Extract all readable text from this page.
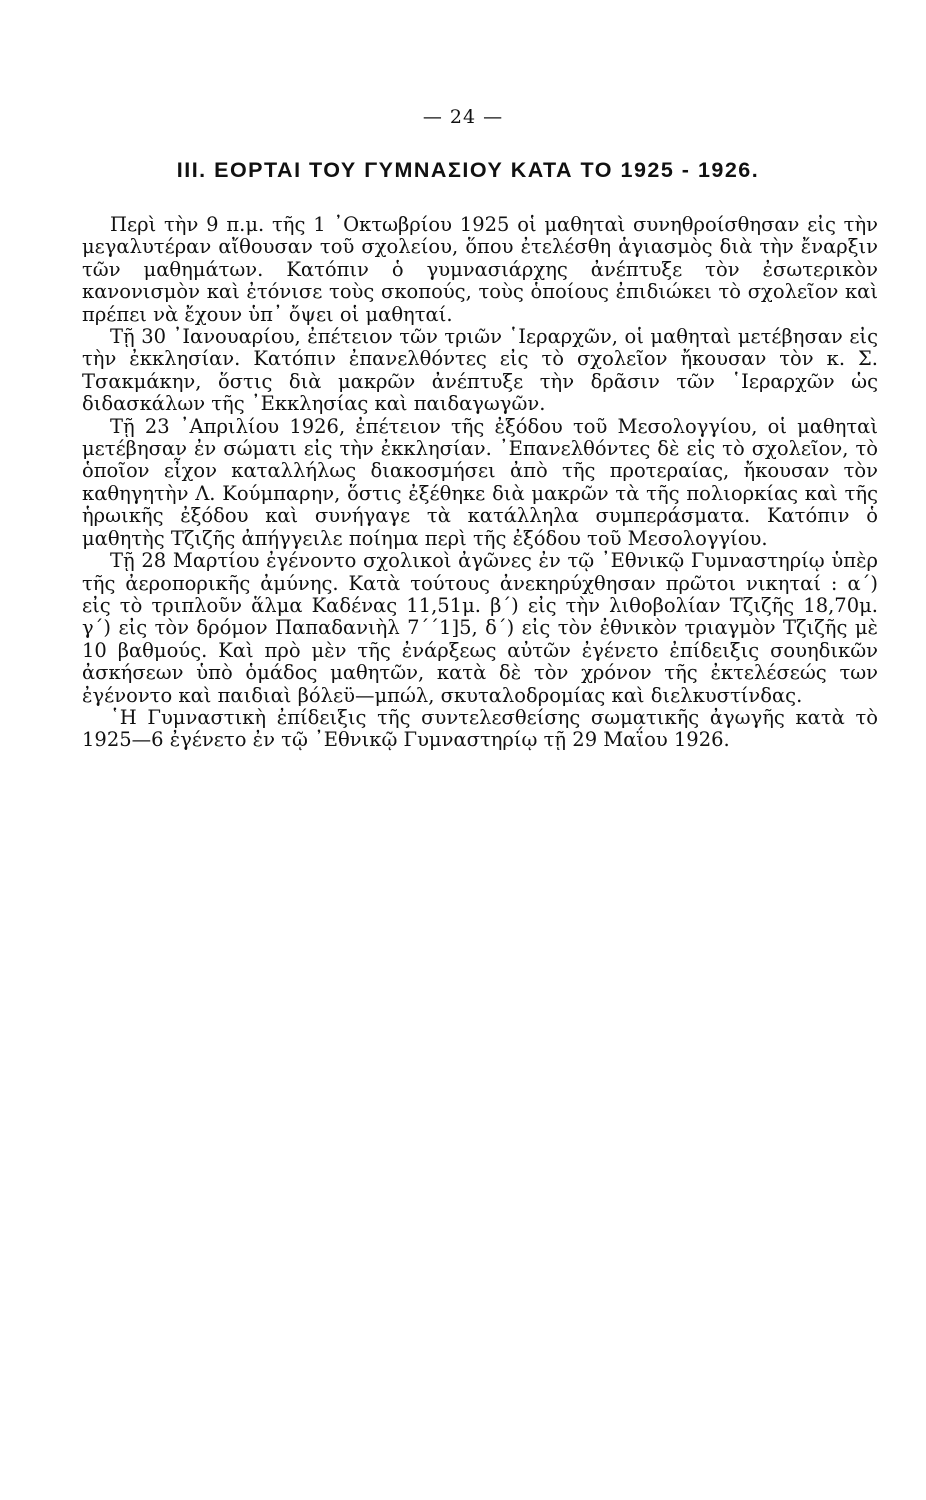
— 24 —
III. ΕΟΡΤΑΙ ΤΟΥ ΓΥΜΝΑΣΙΟΥ ΚΑΤΑ ΤΟ 1925 - 1926.

Περὶ τὴν 9 π.μ. τῆς 1 ᾿Οκτωβρίου 1925 οἱ μαθηταὶ συνηθροίσθησαν εἰς τὴν μεγαλυτέραν αἴθουσαν τοῦ σχολείου, ὅπου ἐτελέσθη ἁγιασμὸς διὰ τὴν ἔναρξιν τῶν μαθημάτων. Κατόπιν ὁ γυμνασιάρχης ἀνέπτυξε τὸν ἐσωτερικὸν κανονισμὸν καὶ ἐτόνισε τοὺς σκοπούς, τοὺς ὁποίους ἐπιδιώκει τὸ σχολεῖον καὶ πρέπει νὰ ἔχουν ὑπ᾿ ὄψει οἱ μαθηταί.

Τῇ 30 ᾿Ιανουαρίου, ἐπέτειον τῶν τριῶν ῾Ιεραρχῶν, οἱ μαθηταὶ μετέβησαν εἰς τὴν ἐκκλησίαν. Κατόπιν ἐπανελθόντες εἰς τὸ σχολεῖον ἤκουσαν τὸν κ. Σ. Τσακμάκην, ὅστις διὰ μακρῶν ἀνέπτυξε τὴν δρᾶσιν τῶν ῾Ιεραρχῶν ὡς διδασκάλων τῆς ᾿Εκκλησίας καὶ παιδαγωγῶν.

Τῇ 23 ᾿Απριλίου 1926, ἐπέτειον τῆς ἐξόδου τοῦ Μεσολογγίου, οἱ μαθηταὶ μετέβησαν ἐν σώματι εἰς τὴν ἐκκλησίαν. ᾿Επανελθόντες δὲ εἰς τὸ σχολεῖον, τὸ ὁποῖον εἶχον καταλλήλως διακοσμήσει ἀπὸ τῆς προτεραίας, ἤκουσαν τὸν καθηγητὴν Λ. Κούμπαρην, ὅστις ἐξέθηκε διὰ μακρῶν τὰ τῆς πολιορκίας καὶ τῆς ἡρωικῆς ἐξόδου καὶ συνήγαγε τὰ κατάλληλα συμπεράσματα. Κατόπιν ὁ μαθητὴς Τζιζῆς ἀπήγγειλε ποίημα περὶ τῆς ἐξόδου τοῦ Μεσολογγίου.

Τῇ 28 Μαρτίου ἐγένοντο σχολικοὶ ἀγῶνες ἐν τῷ ᾿Εθνικῷ Γυμναστηρίῳ ὑπὲρ τῆς ἀεροπορικῆς ἀμύνης. Κατὰ τούτους ἀνεκηρύχθησαν πρῶτοι νικηταί : α΄) εἰς τὸ τριπλοῦν ἅλμα Καδένας 11,51μ. β΄) εἰς τὴν λιθοβολίαν Τζιζῆς 18,70μ. γ΄) εἰς τὸν δρόμον Παπαδανιὴλ 7΄΄1]5, δ΄) εἰς τὸν ἐθνικὸν τριαγμὸν Τζιζῆς μὲ 10 βαθμούς. Καὶ πρὸ μὲν τῆς ἐνάρξεως αὐτῶν ἐγένετο ἐπίδειξις σουηδικῶν ἀσκήσεων ὑπὸ ὁμάδος μαθητῶν, κατὰ δὲ τὸν χρόνον τῆς ἐκτελέσεώς των ἐγένοντο καὶ παιδιαὶ βόλεϋ—μπώλ, σκυταλοδρομίας καὶ διελκυστίνδας.

῾Η Γυμναστικὴ ἐπίδειξις τῆς συντελεσθείσης σωματικῆς ἀγωγῆς κατὰ τὸ 1925—6 ἐγένετο ἐν τῷ ᾿Εθνικῷ Γυμναστηρίῳ τῇ 29 Μαΐου 1926.
